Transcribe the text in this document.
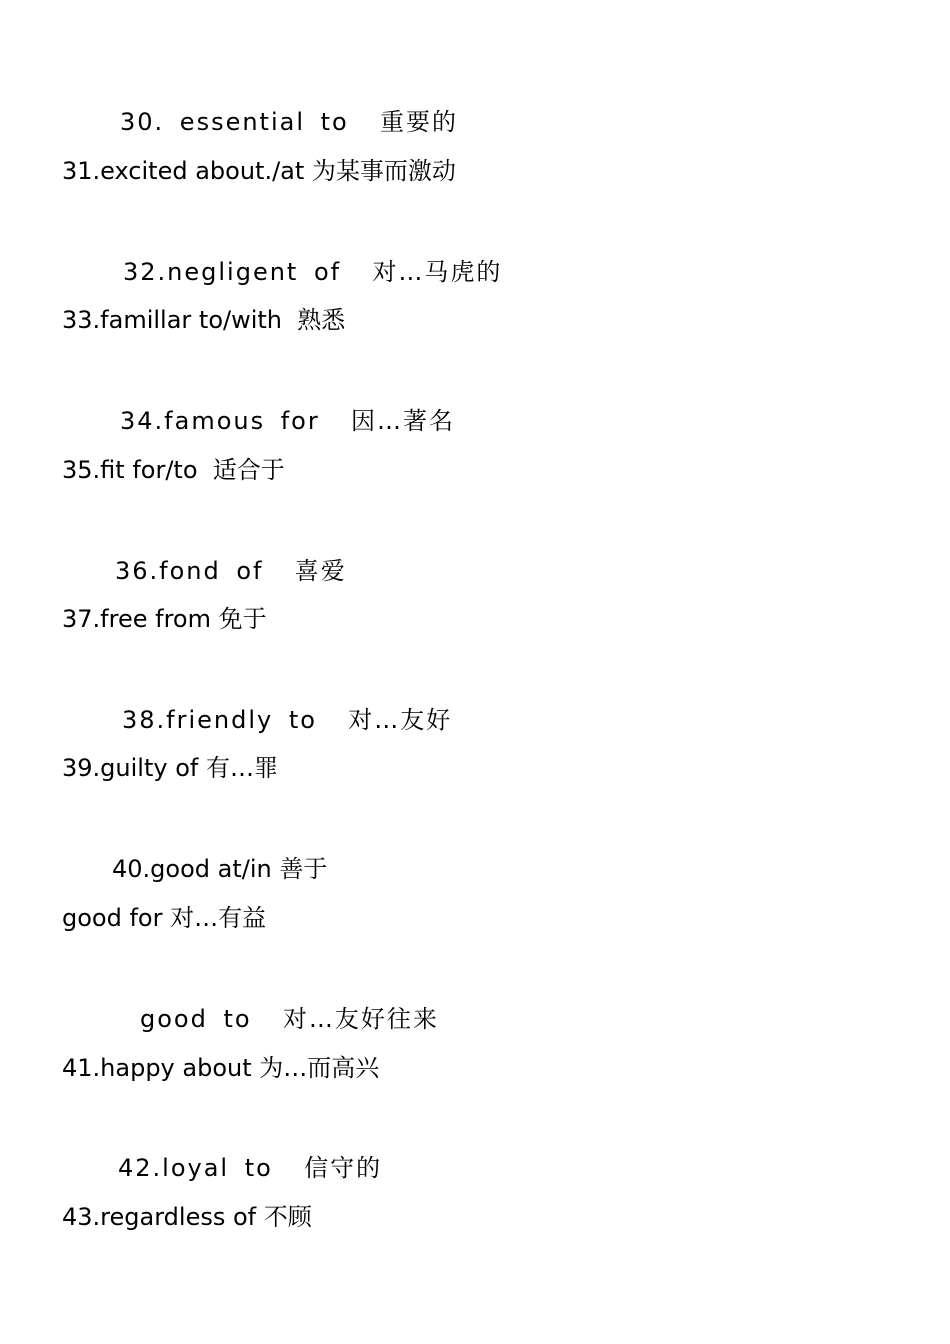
30. essential to  重要的
31.excited about./at 为某事而激动
32.negligent of  对…马虎的
33.famillar to/with  熟悉
34.famous for  因…著名
35.fit for/to  适合于
36.fond of  喜爱
37.free from 免于
38.friendly to  对…友好
39.guilty of 有…罪
40.good at/in 善于
good for 对…有益
good to  对…友好往来
41.happy about 为…而高兴
42.loyal to  信守的
43.regardless of 不顾
